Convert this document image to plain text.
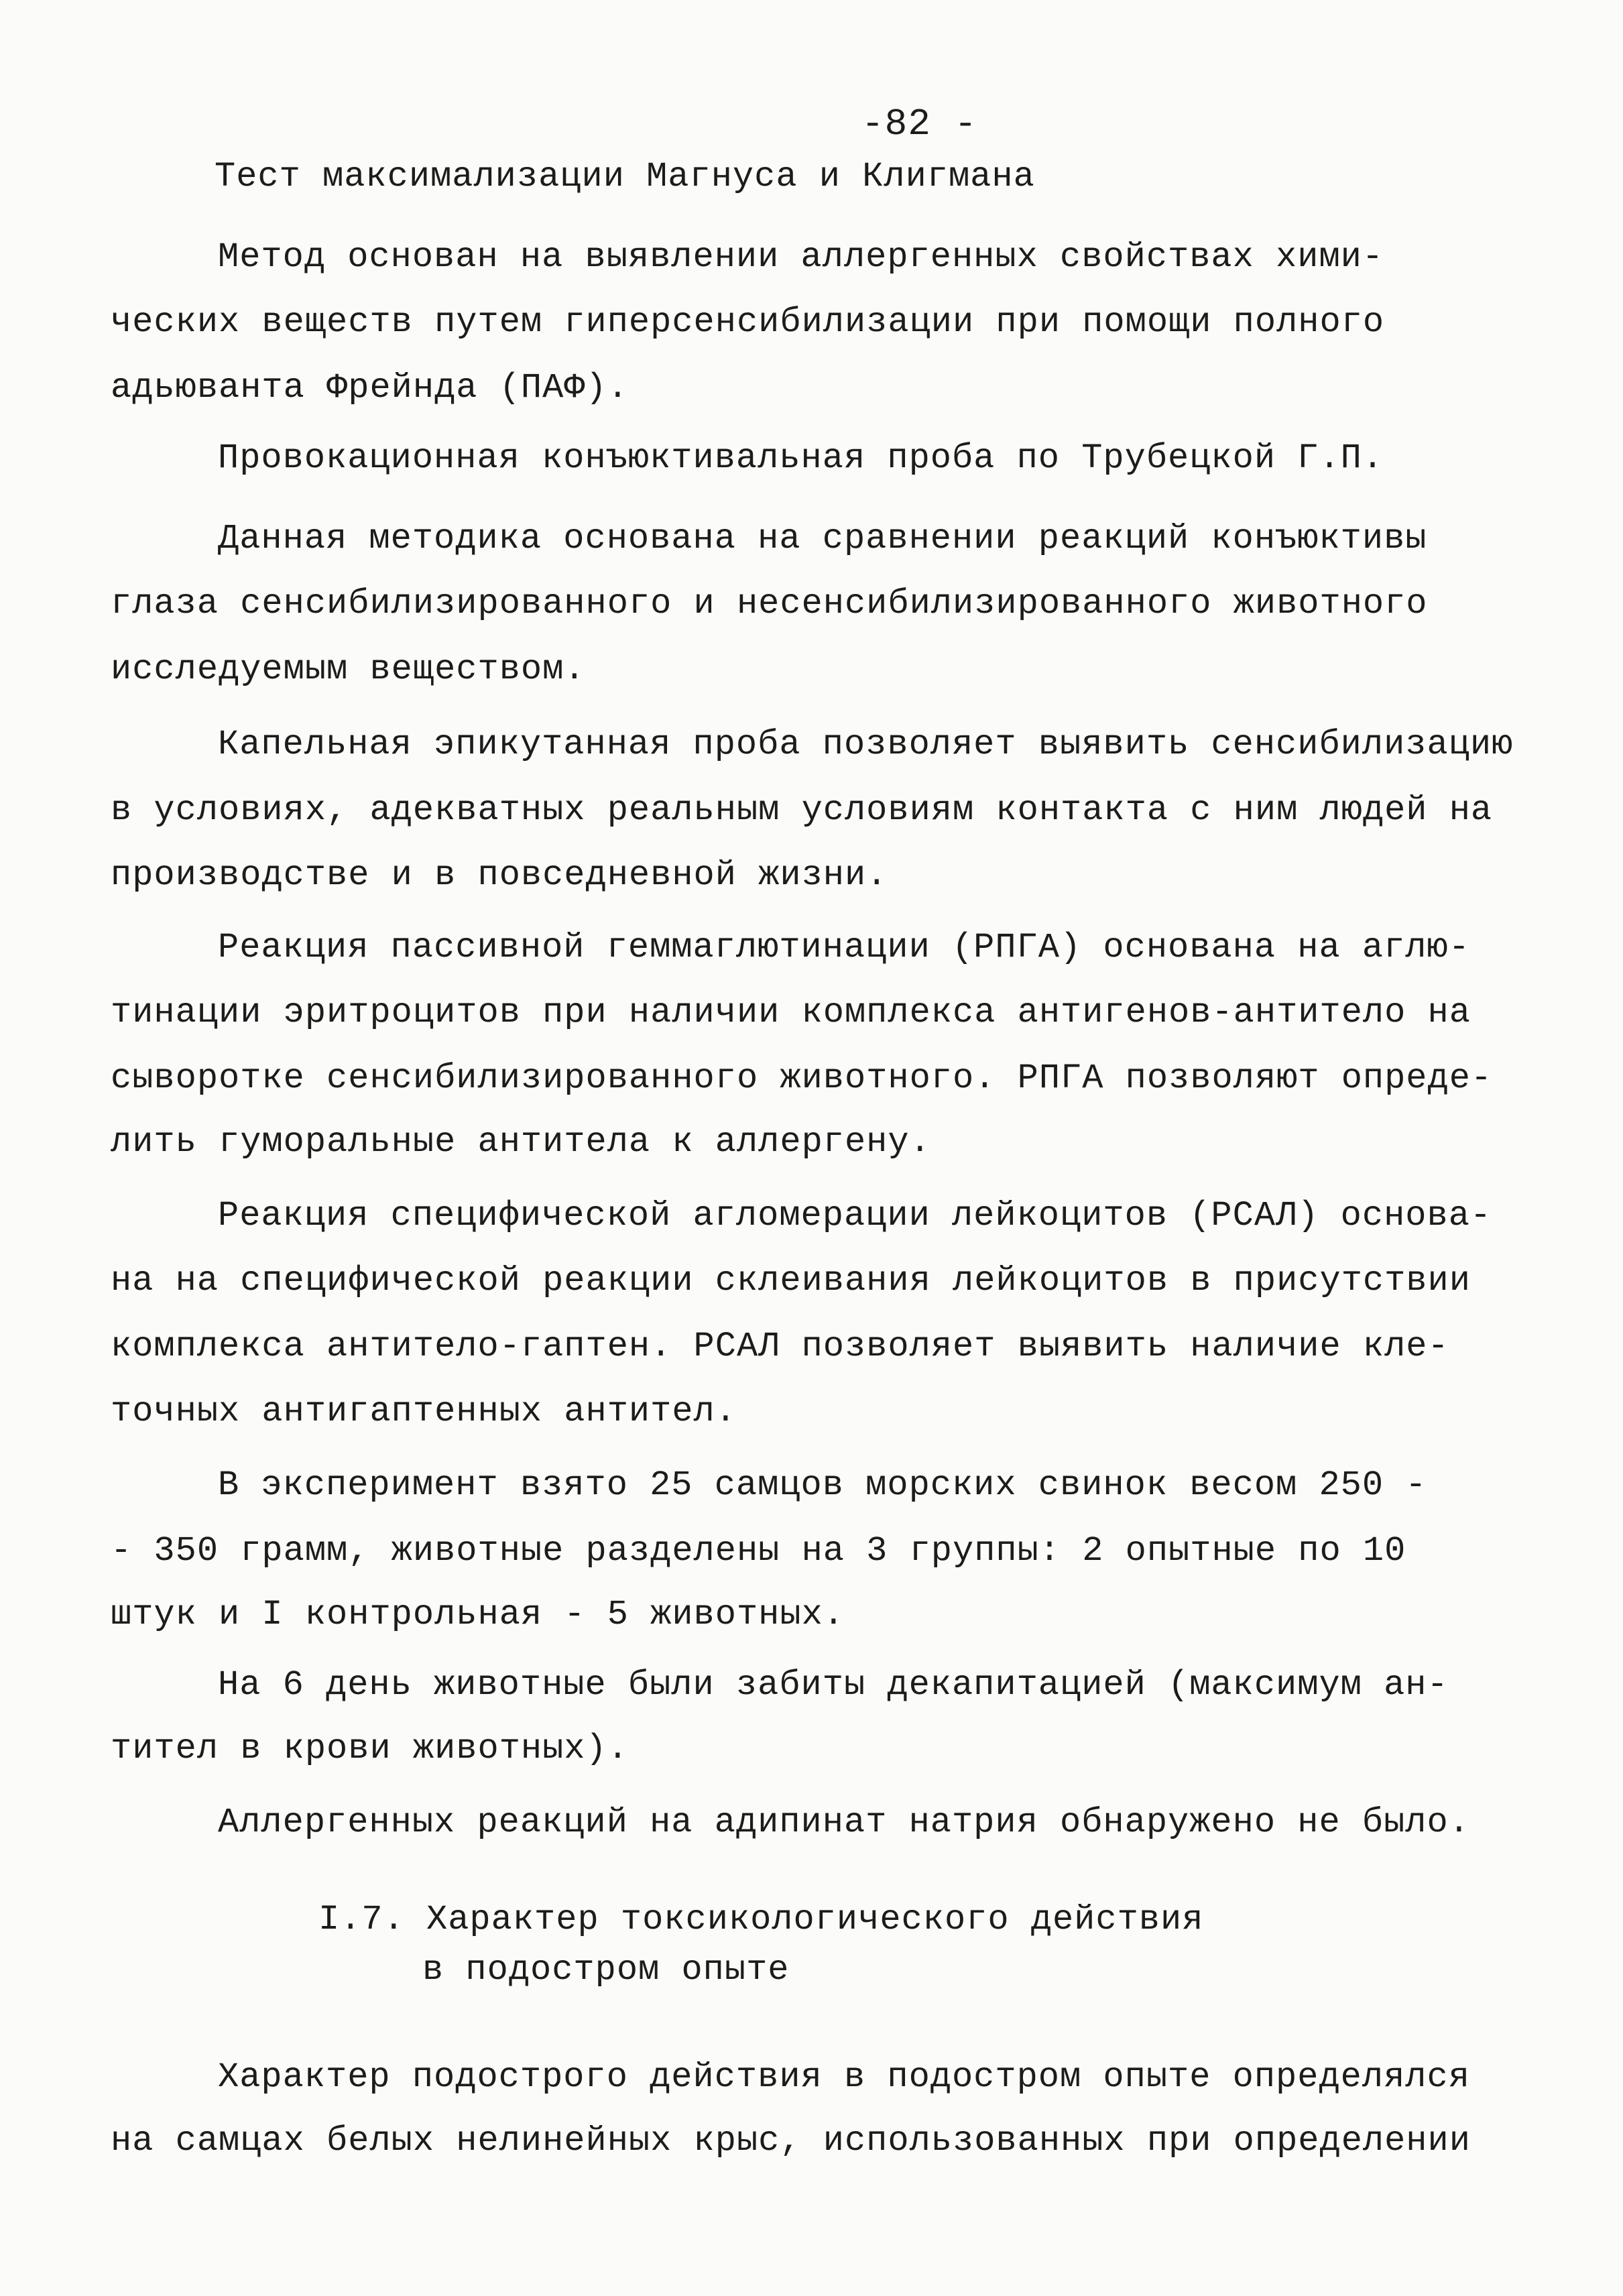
-82 -
Тест максимализации Магнуса и Клигмана
Метод основан на выявлении аллергенных свойствах хими-
ческих веществ путем гиперсенсибилизации при помощи полного
адьюванта Фрейнда (ПАФ).
Провокационная конъюктивальная проба по Трубецкой Г.П.
Данная методика основана на сравнении реакций конъюктивы
глаза сенсибилизированного и несенсибилизированного животного
исследуемым веществом.
Капельная эпикутанная проба позволяет выявить сенсибилизацию
в условиях, адекватных реальным условиям контакта с ним людей на
производстве и в повседневной жизни.
Реакция пассивной геммаглютинации (РПГА) основана на аглю-
тинации эритроцитов при наличии комплекса антигенов-антитело на
сыворотке сенсибилизированного животного. РПГА позволяют опреде-
лить гуморальные антитела к аллергену.
Реакция специфической агломерации лейкоцитов (РСАЛ) основа-
на на специфической реакции склеивания лейкоцитов в присутствии
комплекса антитело-гаптен. РСАЛ позволяет выявить наличие кле-
точных антигаптенных антител.
В эксперимент взято 25 самцов морских свинок весом 250 -
- 350 грамм, животные разделены на 3 группы: 2 опытные по 10
штук и I контрольная - 5 животных.
На 6 день животные были забиты декапитацией (максимум ан-
тител в крови животных).
Аллергенных реакций на адипинат натрия обнаружено не было.
I.7. Характер токсикологического действия
в подостром опыте
Характер подострого действия в подостром опыте определялся
на самцах белых нелинейных крыс, использованных при определении
